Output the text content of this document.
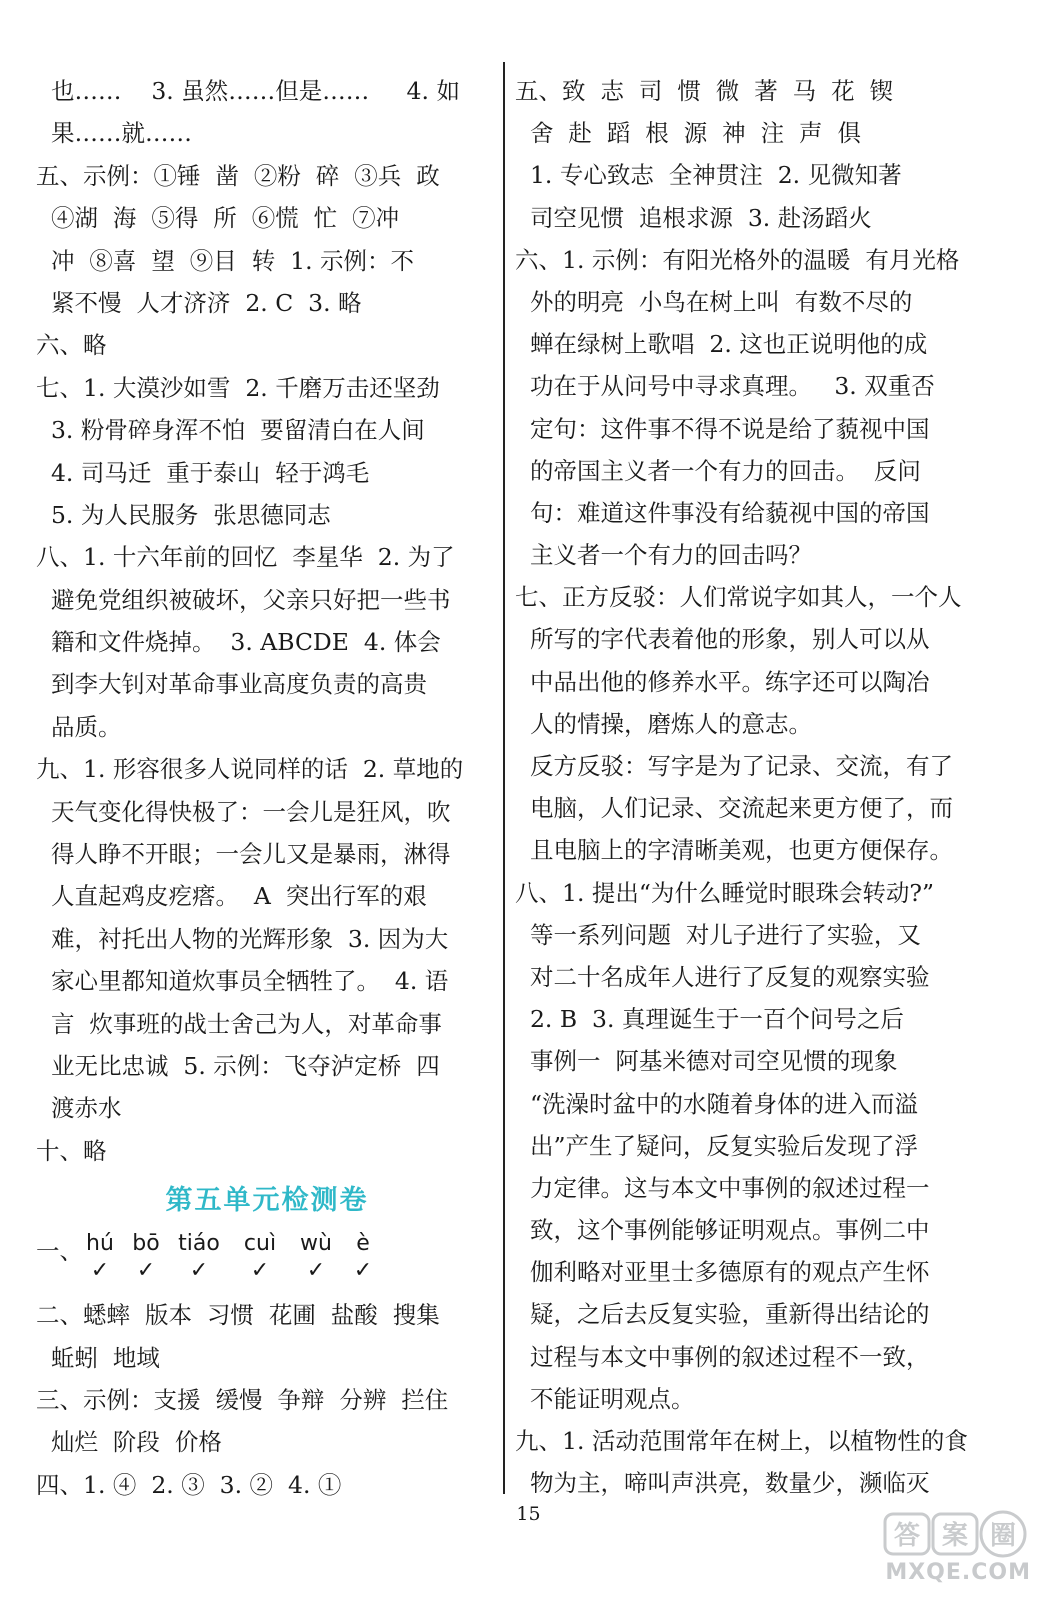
也……    3. 虽然……但是……     4. 如
果……就……
五、示例：①锤  凿  ②粉  碎  ③兵  政
④湖  海  ⑤得  所  ⑥慌  忙  ⑦冲
冲  ⑧喜  望  ⑨目  转  1. 示例：不
紧不慢  人才济济  2. C  3. 略
六、略
七、1. 大漠沙如雪  2. 千磨万击还坚劲
3. 粉骨碎身浑不怕  要留清白在人间
4. 司马迁  重于泰山  轻于鸿毛
5. 为人民服务  张思德同志
八、1. 十六年前的回忆  李星华  2. 为了
避免党组织被破坏，父亲只好把一些书
籍和文件烧掉。  3. ABCDE  4. 体会
到李大钊对革命事业高度负责的高贵
品质。
九、1. 形容很多人说同样的话  2. 草地的
天气变化得快极了：一会儿是狂风，吹
得人睁不开眼；一会儿又是暴雨，淋得
人直起鸡皮疙瘩。  A  突出行军的艰
难，衬托出人物的光辉形象  3. 因为大
家心里都知道炊事员全牺牲了。  4. 语
言  炊事班的战士舍己为人，对革命事
业无比忠诚  5. 示例：飞夺泸定桥  四
渡赤水
十、略
第五单元检测卷
一、 hú
✓
bō
✓
tiáo
✓
cuì
✓
wù
✓
è
✓
二、蟋蟀  版本  习惯  花圃  盐酸  搜集
蚯蚓  地域
三、示例：支援  缓慢  争辩  分辨  拦住
灿烂  阶段  价格
四、1. ④  2. ③  3. ②  4. ①
五、致  志  司  惯  微  著  马  花  锲
舍  赴  蹈  根  源  神  注  声  俱
1. 专心致志  全神贯注  2. 见微知著
司空见惯  追根求源  3. 赴汤蹈火
六、1. 示例：有阳光格外的温暖  有月光格
外的明亮  小鸟在树上叫  有数不尽的
蝉在绿树上歌唱  2. 这也正说明他的成
功在于从问号中寻求真理。   3. 双重否
定句：这件事不得不说是给了藐视中国
的帝国主义者一个有力的回击。  反问
句：难道这件事没有给藐视中国的帝国
主义者一个有力的回击吗？
七、正方反驳：人们常说字如其人，一个人
所写的字代表着他的形象，别人可以从
中品出他的修养水平。练字还可以陶冶
人的情操，磨炼人的意志。
反方反驳：写字是为了记录、交流，有了
电脑，人们记录、交流起来更方便了，而
且电脑上的字清晰美观，也更方便保存。
八、1. 提出“为什么睡觉时眼珠会转动?”
等一系列问题  对儿子进行了实验，又
对二十名成年人进行了反复的观察实验
2. B  3. 真理诞生于一百个问号之后
事例一  阿基米德对司空见惯的现象
“洗澡时盆中的水随着身体的进入而溢
出”产生了疑问，反复实验后发现了浮
力定律。这与本文中事例的叙述过程一
致，这个事例能够证明观点。事例二中
伽利略对亚里士多德原有的观点产生怀
疑，之后去反复实验，重新得出结论的
过程与本文中事例的叙述过程不一致，
不能证明观点。
九、1. 活动范围常年在树上，以植物性的食
物为主，啼叫声洪亮，数量少，濒临灭
15
答 案 圈
MXQE.COM
